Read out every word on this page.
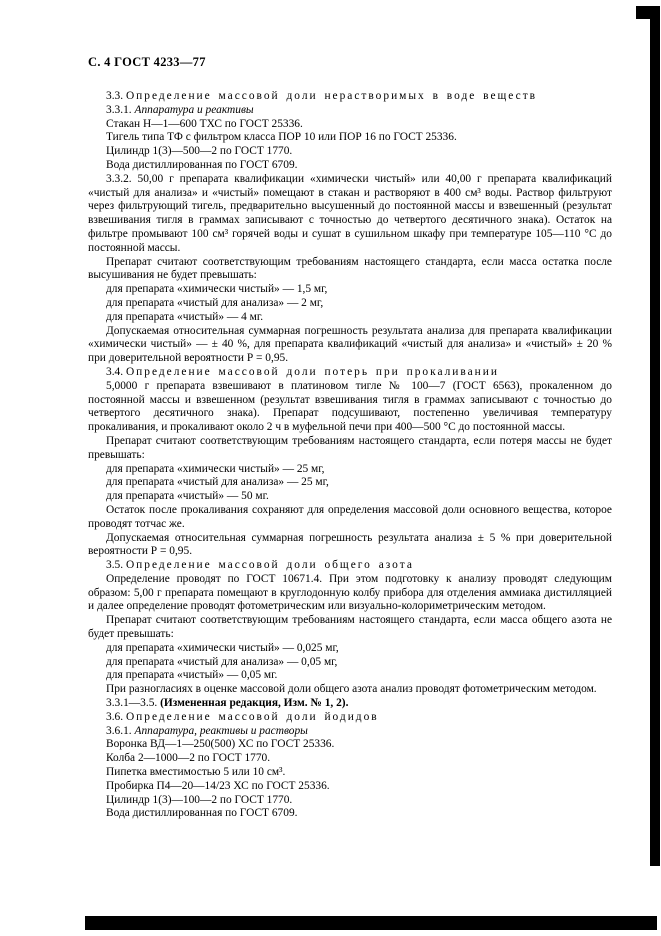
С. 4 ГОСТ 4233—77

3.3. Определение массовой доли нерастворимых в воде веществ

3.3.1. Аппаратура и реактивы

Стакан Н—1—600 ТХС по ГОСТ 25336.

Тигель типа ТФ с фильтром класса ПОР 10 или ПОР 16 по ГОСТ 25336.

Цилиндр 1(3)—500—2 по ГОСТ 1770.

Вода дистиллированная по ГОСТ 6709.

3.3.2. 50,00 г препарата квалификации «химически чистый» или 40,00 г препарата квалификаций «чистый для анализа» и «чистый» помещают в стакан и растворяют в 400 см³ воды. Раствор фильтруют через фильтрующий тигель, предварительно высушенный до постоянной массы и взвешенный (результат взвешивания тигля в граммах записывают с точностью до четвертого десятичного знака). Остаток на фильтре промывают 100 см³ горячей воды и сушат в сушильном шкафу при температуре 105—110 °С до постоянной массы.

Препарат считают соответствующим требованиям настоящего стандарта, если масса остатка после высушивания не будет превышать:

для препарата «химически чистый» — 1,5 мг,

для препарата «чистый для анализа» — 2 мг,

для препарата «чистый» — 4 мг.

Допускаемая относительная суммарная погрешность результата анализа для препарата квалификации «химически чистый» — ± 40 %, для препарата квалификаций «чистый для анализа» и «чистый» ± 20 % при доверительной вероятности Р = 0,95.

3.4. Определение массовой доли потерь при прокаливании

5,0000 г препарата взвешивают в платиновом тигле № 100—7 (ГОСТ 6563), прокаленном до постоянной массы и взвешенном (результат взвешивания тигля в граммах записывают с точностью до четвертого десятичного знака). Препарат подсушивают, постепенно увеличивая температуру прокаливания, и прокаливают около 2 ч в муфельной печи при 400—500 °С до постоянной массы.

Препарат считают соответствующим требованиям настоящего стандарта, если потеря массы не будет превышать:

для препарата «химически чистый» — 25 мг,

для препарата «чистый для анализа» — 25 мг,

для препарата «чистый» — 50 мг.

Остаток после прокаливания сохраняют для определения массовой доли основного вещества, которое проводят тотчас же.

Допускаемая относительная суммарная погрешность результата анализа ± 5 % при доверительной вероятности Р = 0,95.

3.5. Определение массовой доли общего азота

Определение проводят по ГОСТ 10671.4. При этом подготовку к анализу проводят следующим образом: 5,00 г препарата помещают в круглодонную колбу прибора для отделения аммиака дистилляцией и далее определение проводят фотометрическим или визуально-колориметрическим методом.

Препарат считают соответствующим требованиям настоящего стандарта, если масса общего азота не будет превышать:

для препарата «химически чистый» — 0,025 мг,

для препарата «чистый для анализа» — 0,05 мг,

для препарата «чистый» — 0,05 мг.

При разногласиях в оценке массовой доли общего азота анализ проводят фотометрическим методом.

3.3.1—3.5. (Измененная редакция, Изм. № 1, 2).

3.6. Определение массовой доли йодидов

3.6.1. Аппаратура, реактивы и растворы

Воронка ВД—1—250(500) ХС по ГОСТ 25336.

Колба 2—1000—2 по ГОСТ 1770.

Пипетка вместимостью 5 или 10 см³.

Пробирка П4—20—14/23 ХС по ГОСТ 25336.

Цилиндр 1(3)—100—2 по ГОСТ 1770.

Вода дистиллированная по ГОСТ 6709.
